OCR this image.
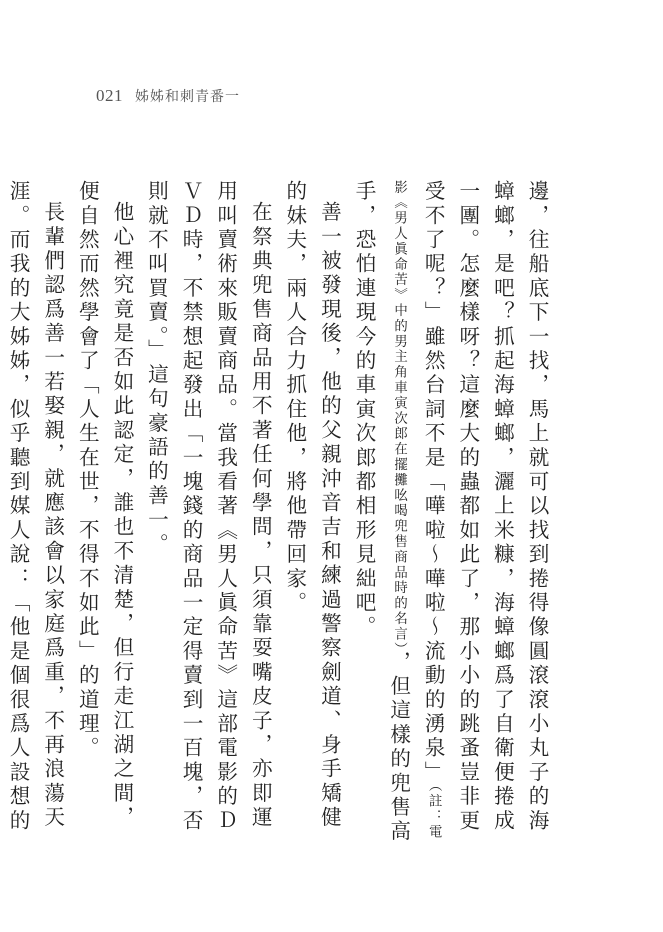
021 姊姊和刺青番一

邊，往船底下一找，馬上就可以找到捲得像圓滾滾小丸子的海蟑螂，是吧？抓起海蟑螂，灑上米糠，海蟑螂爲了自衛便捲成一團。怎麼樣呀？這麼大的蟲都如此了，那小小的跳蚤豈非更受不了呢？」雖然台詞不是「嘩啦～嘩啦～流動的湧泉」（註：電影《男人眞命苦》中的男主角車寅次郎在擺攤吆喝兜售商品時的名言），但這樣的兜售高手，恐怕連現今的車寅次郎都相形見絀吧。

善一被發現後，他的父親沖音吉和練過警察劍道、身手矯健的妹夫，兩人合力抓住他，將他帶回家。

在祭典兜售商品用不著任何學問，只須靠耍嘴皮子，亦即運用叫賣術來販賣商品。當我看著《男人眞命苦》這部電影的ＤＶＤ時，不禁想起發出「一塊錢的商品一定得賣到一百塊，否則就不叫買賣。」這句豪語的善一。

他心裡究竟是否如此認定，誰也不清楚，但行走江湖之間，便自然而然學會了「人生在世，不得不如此」的道理。

長輩們認爲善一若娶親，就應該會以家庭爲重，不再浪蕩天涯。而我的大姊姊，似乎聽到媒人說：「他是個很爲人設想的
